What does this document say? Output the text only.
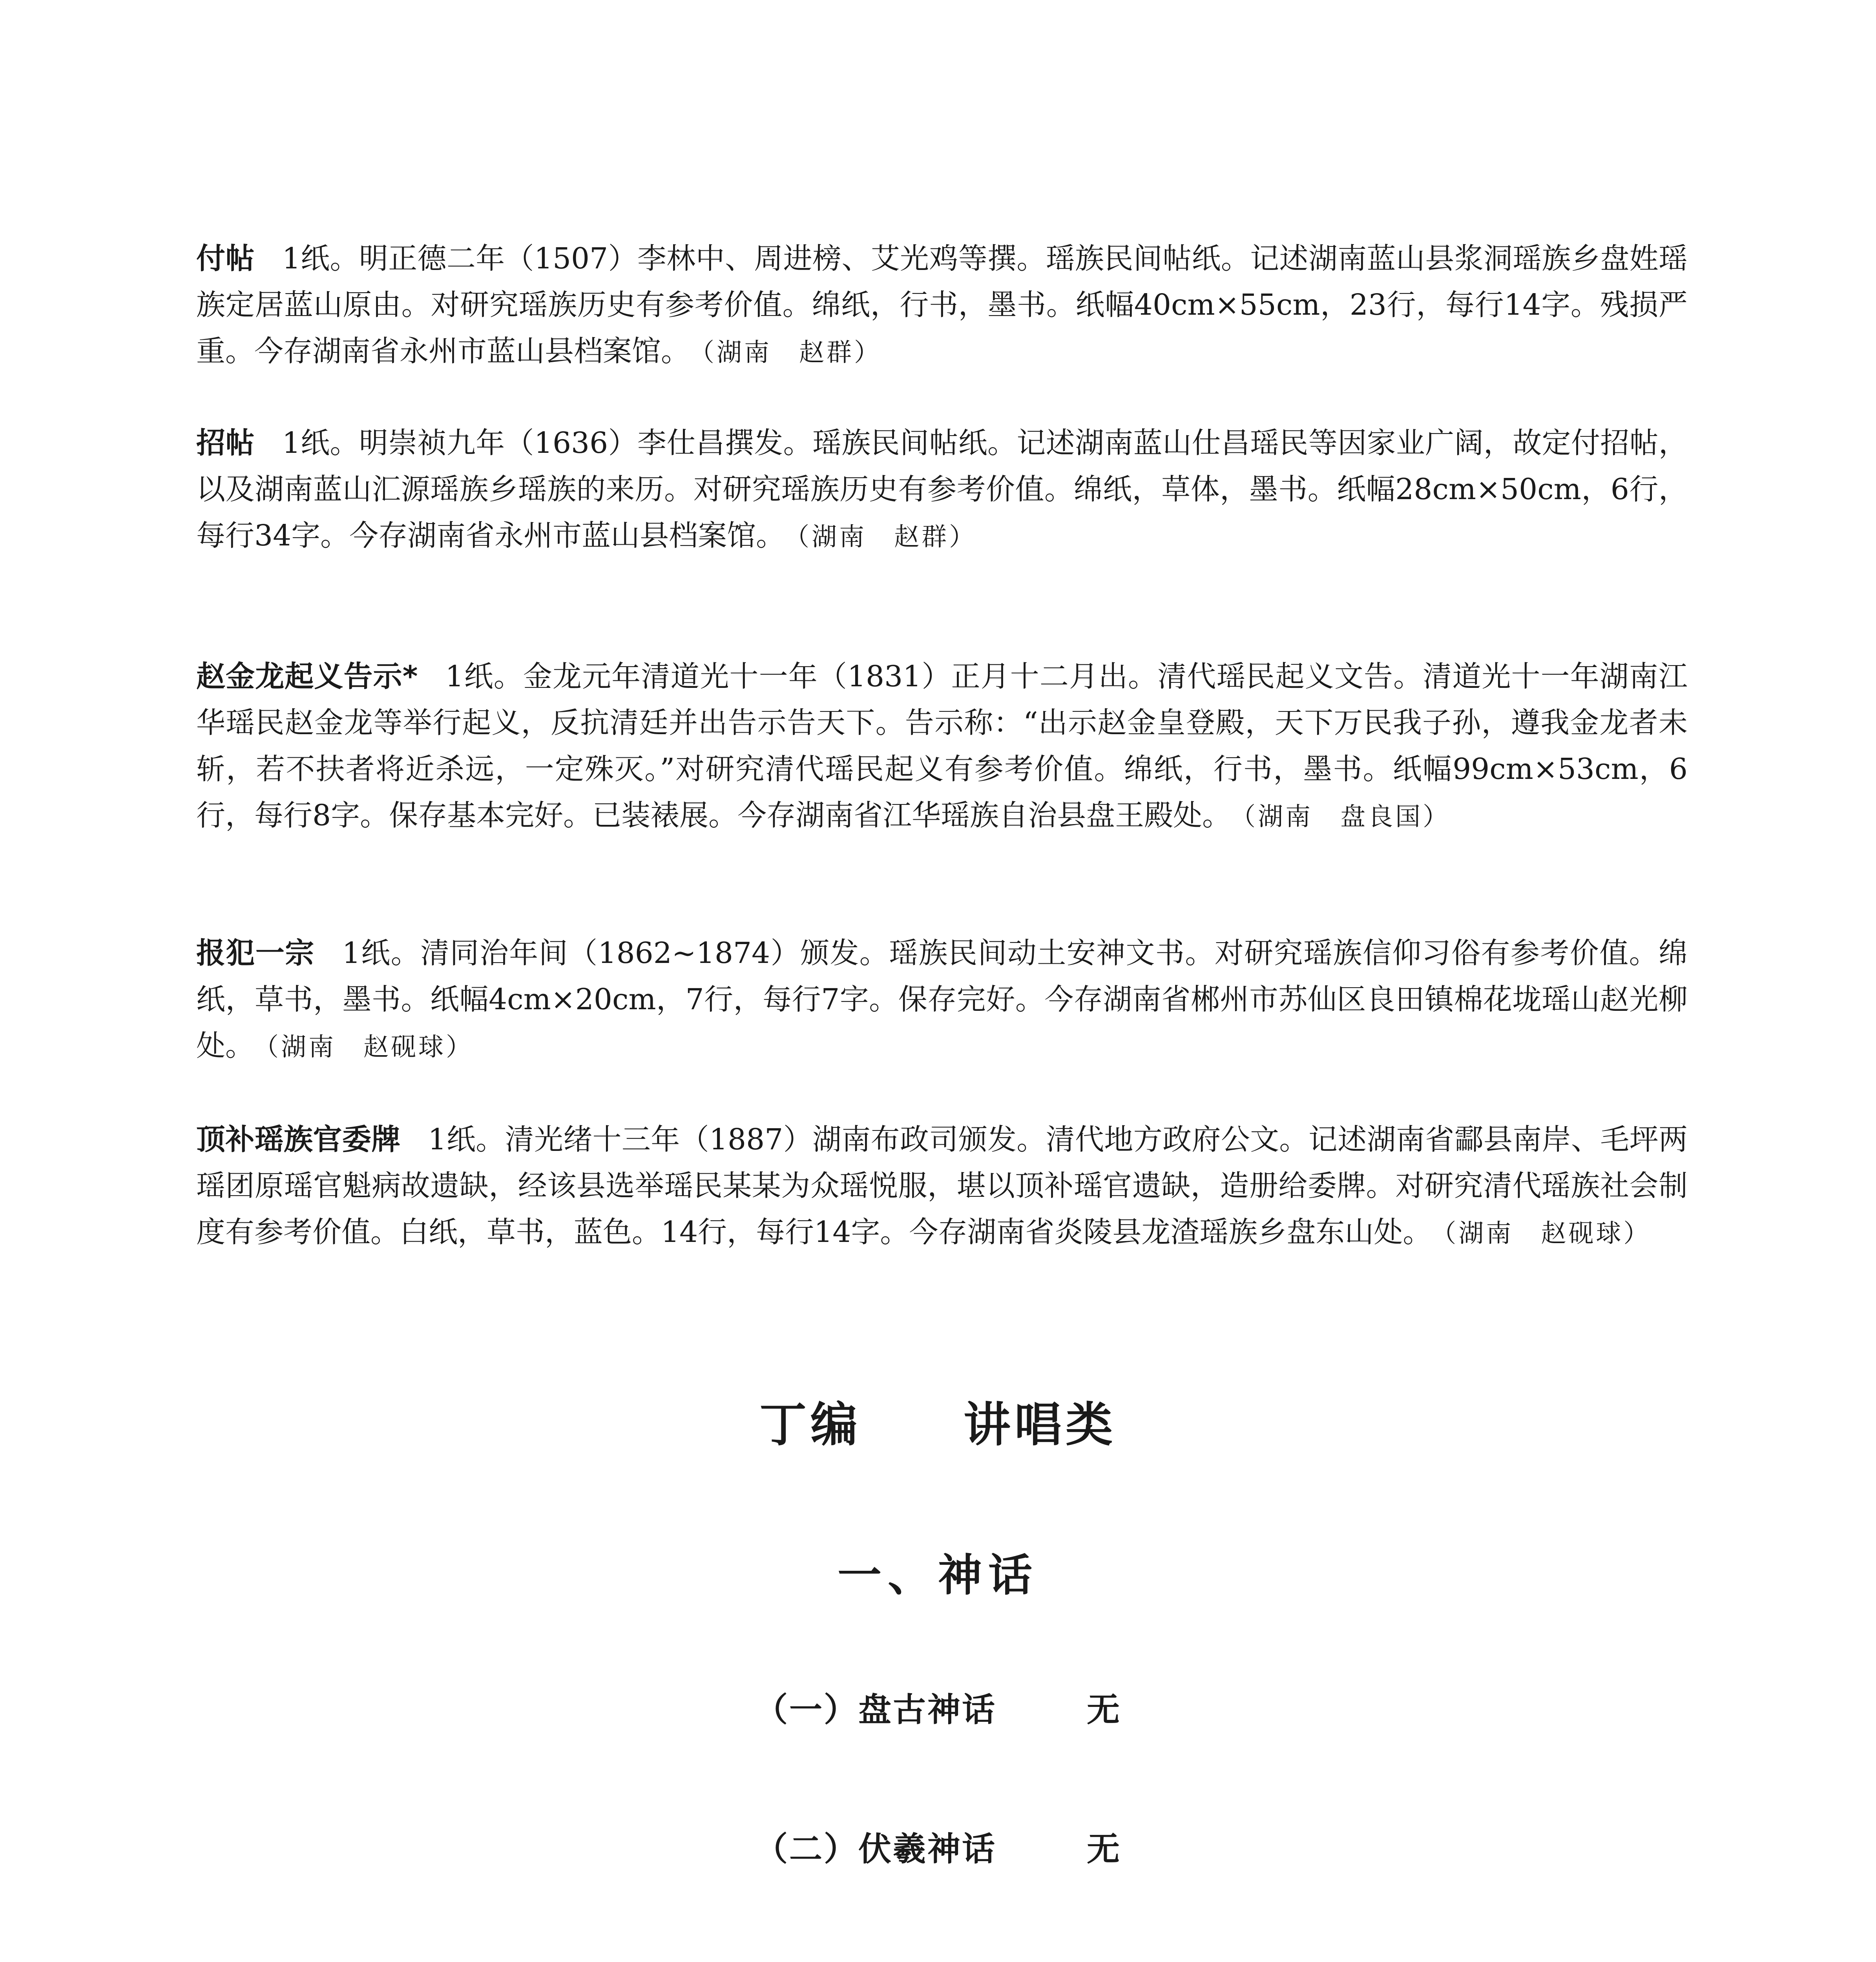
付帖 1纸。明正德二年（1507）李林中、周进榜、艾光鸡等撰。瑶族民间帖纸。记述湖南蓝山县浆洞瑶族乡盘姓瑶族定居蓝山原由。对研究瑶族历史有参考价值。绵纸，行书，墨书。纸幅40cm×55cm，23行，每行14字。残损严重。今存湖南省永州市蓝山县档案馆。 （湖南　赵群）

招帖 1纸。明崇祯九年（1636）李仕昌撰发。瑶族民间帖纸。记述湖南蓝山仕昌瑶民等因家业广阔，故定付招帖，以及湖南蓝山汇源瑶族乡瑶族的来历。对研究瑶族历史有参考价值。绵纸，草体，墨书。纸幅28cm×50cm，6行，每行34字。今存湖南省永州市蓝山县档案馆。 （湖南　赵群）

赵金龙起义告示* 1纸。金龙元年清道光十一年（1831）正月十二月出。清代瑶民起义文告。清道光十一年湖南江华瑶民赵金龙等举行起义，反抗清廷并出告示告天下。告示称：“出示赵金皇登殿，天下万民我子孙，遵我金龙者未斩，若不扶者将近杀远，一定殊灭。”对研究清代瑶民起义有参考价值。绵纸，行书，墨书。纸幅99cm×53cm，6行，每行8字。保存基本完好。已装裱展。今存湖南省江华瑶族自治县盘王殿处。 （湖南　盘良国）

报犯一宗 1纸。清同治年间（1862~1874）颁发。瑶族民间动土安神文书。对研究瑶族信仰习俗有参考价值。绵纸，草书，墨书。纸幅4cm×20cm，7行，每行7字。保存完好。今存湖南省郴州市苏仙区良田镇棉花垅瑶山赵光柳处。 （湖南　赵砚球）

顶补瑶族官委牌 1纸。清光绪十三年（1887）湖南布政司颁发。清代地方政府公文。记述湖南省酃县南岸、毛坪两瑶团原瑶官魁病故遗缺，经该县选举瑶民某某为众瑶悦服，堪以顶补瑶官遗缺，造册给委牌。对研究清代瑶族社会制度有参考价值。白纸，草书，蓝色。14行，每行14字。今存湖南省炎陵县龙渣瑶族乡盘东山处。 （湖南　赵砚球）

丁编 讲唱类
一、神话
（一）盘古神话	无
（二）伏羲神话	无
